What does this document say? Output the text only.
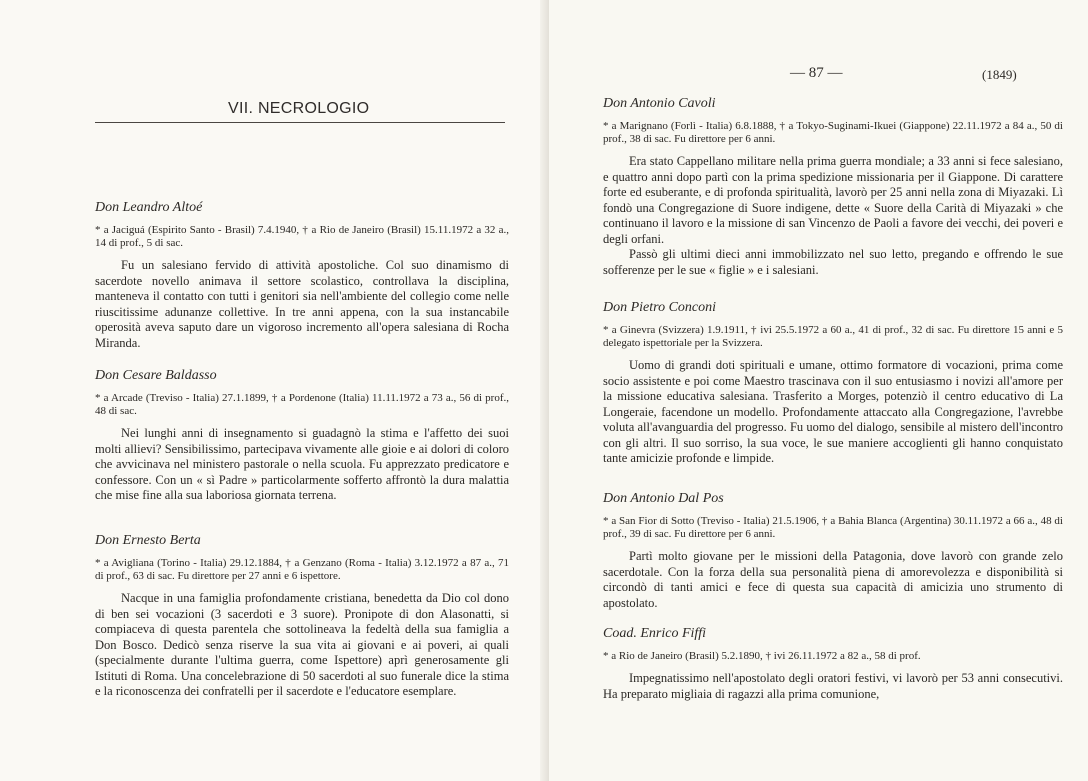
VII. NECROLOGIO
Don Leandro Altoé
* a Jaciguá (Espirito Santo - Brasil) 7.4.1940, † a Rio de Janeiro (Brasil) 15.11.1972 a 32 a., 14 di prof., 5 di sac.

Fu un salesiano fervido di attività apostoliche. Col suo dinamismo di sacerdote novello animava il settore scolastico, controllava la disciplina, manteneva il contatto con tutti i genitori sia nell'ambiente del collegio come nelle riuscitissime adunanze collettive. In tre anni appena, con la sua instancabile operosità aveva saputo dare un vigoroso incremento all'opera salesiana di Rocha Miranda.

Don Cesare Baldasso
* a Arcade (Treviso - Italia) 27.1.1899, † a Pordenone (Italia) 11.11.1972 a 73 a., 56 di prof., 48 di sac.

Nei lunghi anni di insegnamento si guadagnò la stima e l'affetto dei suoi molti allievi? Sensibilissimo, partecipava vivamente alle gioie e ai dolori di coloro che avvicinava nel ministero pastorale o nella scuola. Fu apprezzato predicatore e confessore. Con un « sì Padre » particolarmente sofferto affrontò la dura malattia che mise fine alla sua laboriosa giornata terrena.

Don Ernesto Berta
* a Avigliana (Torino - Italia) 29.12.1884, † a Genzano (Roma - Italia) 3.12.1972 a 87 a., 71 di prof., 63 di sac. Fu direttore per 27 anni e 6 ispettore.

Nacque in una famiglia profondamente cristiana, benedetta da Dio col dono di ben sei vocazioni (3 sacerdoti e 3 suore). Pronipote di don Alasonatti, si compiaceva di questa parentela che sottolineava la fedeltà della sua famiglia a Don Bosco. Dedicò senza riserve la sua vita ai giovani e ai poveri, ai quali (specialmente durante l'ultima guerra, come Ispettore) aprì generosamente gli Istituti di Roma. Una concelebrazione di 50 sacerdoti al suo funerale dice la stima e la riconoscenza dei confratelli per il sacerdote e l'educatore esemplare.

— 87 —	(1849)
Don Antonio Cavoli
* a Marignano (Forlì - Italia) 6.8.1888, † a Tokyo-Suginami-Ikuei (Giappone) 22.11.1972 a 84 a., 50 di prof., 38 di sac. Fu direttore per 6 anni.

Era stato Cappellano militare nella prima guerra mondiale; a 33 anni si fece salesiano, e quattro anni dopo partì con la prima spedizione missionaria per il Giappone. Di carattere forte ed esuberante, e di profonda spiritualità, lavorò per 25 anni nella zona di Miyazaki. Lì fondò una Congregazione di Suore indigene, dette « Suore della Carità di Miyazaki » che continuano il lavoro e la missione di san Vincenzo de Paoli a favore dei vecchi, dei poveri e degli orfani.

Passò gli ultimi dieci anni immobilizzato nel suo letto, pregando e offrendo le sue sofferenze per le sue « figlie » e i salesiani.

Don Pietro Conconi
* a Ginevra (Svizzera) 1.9.1911, † ivi 25.5.1972 a 60 a., 41 di prof., 32 di sac. Fu direttore 15 anni e 5 delegato ispettoriale per la Svizzera.

Uomo di grandi doti spirituali e umane, ottimo formatore di vocazioni, prima come socio assistente e poi come Maestro trascinava con il suo entusiasmo i novizi all'amore per la missione educativa salesiana. Trasferito a Morges, potenziò il centro educativo di La Longeraie, facendone un modello. Profondamente attaccato alla Congregazione, l'avrebbe voluta all'avanguardia del progresso. Fu uomo del dialogo, sensibile al mistero dell'incontro con gli altri. Il suo sorriso, la sua voce, le sue maniere accoglienti gli hanno conquistato tante amicizie profonde e limpide.

Don Antonio Dal Pos
* a San Fior di Sotto (Treviso - Italia) 21.5.1906, † a Bahia Blanca (Argentina) 30.11.1972 a 66 a., 48 di prof., 39 di sac. Fu direttore per 6 anni.

Partì molto giovane per le missioni della Patagonia, dove lavorò con grande zelo sacerdotale. Con la forza della sua personalità piena di amorevolezza e disponibilità si circondò di tanti amici e fece di questa sua capacità di amicizia uno strumento di apostolato.

Coad. Enrico Fiffi
* a Rio de Janeiro (Brasil) 5.2.1890, † ivi 26.11.1972 a 82 a., 58 di prof.

Impegnatissimo nell'apostolato degli oratori festivi, vi lavorò per 53 anni consecutivi. Ha preparato migliaia di ragazzi alla prima comunione,
